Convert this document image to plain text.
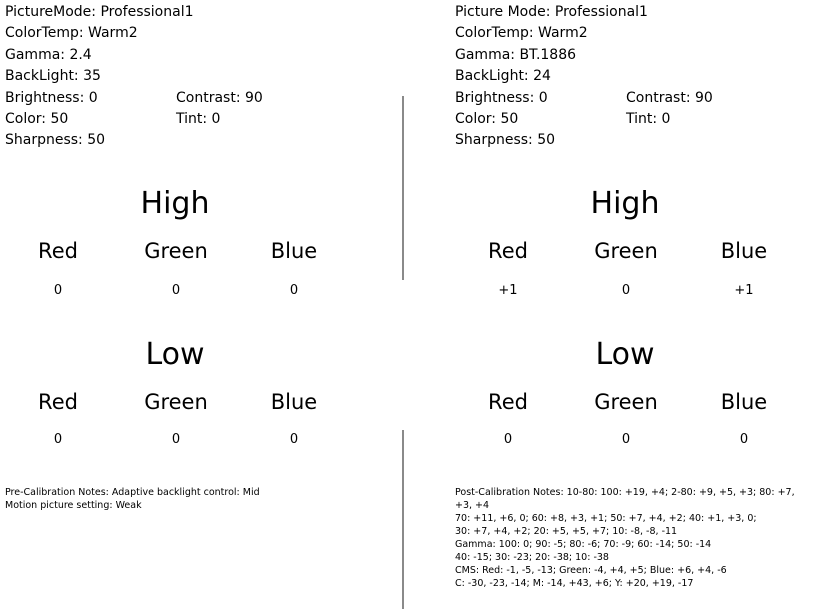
PictureMode: Professional1
ColorTemp: Warm2
Gamma: 2.4
BackLight: 35
Brightness: 0	Contrast: 90
Color: 50	Tint: 0
Sharpness: 50
High
Red	Green	Blue
0	0	0
Low
Red	Green	Blue
0	0	0
Pre-Calibration Notes: Adaptive backlight control: Mid
Motion picture setting: Weak
Picture Mode: Professional1
ColorTemp: Warm2
Gamma: BT.1886
BackLight: 24
Brightness: 0	Contrast: 90
Color: 50	Tint: 0
Sharpness: 50
High
Red	Green	Blue
+1	0	+1
Low
Red	Green	Blue
0	0	0
Post-Calibration Notes: 10-80: 100: +19, +4; 2-80: +9, +5, +3; 80: +7, +3, +4
70: +11, +6, 0; 60: +8, +3, +1; 50: +7, +4, +2; 40: +1, +3, 0;
30: +7, +4, +2; 20: +5, +5, +7; 10: -8, -8, -11
Gamma: 100: 0; 90: -5; 80: -6; 70: -9; 60: -14; 50: -14
40: -15; 30: -23; 20: -38; 10: -38
CMS: Red: -1, -5, -13; Green: -4, +4, +5; Blue: +6, +4, -6
C: -30, -23, -14; M: -14, +43, +6; Y: +20, +19, -17
